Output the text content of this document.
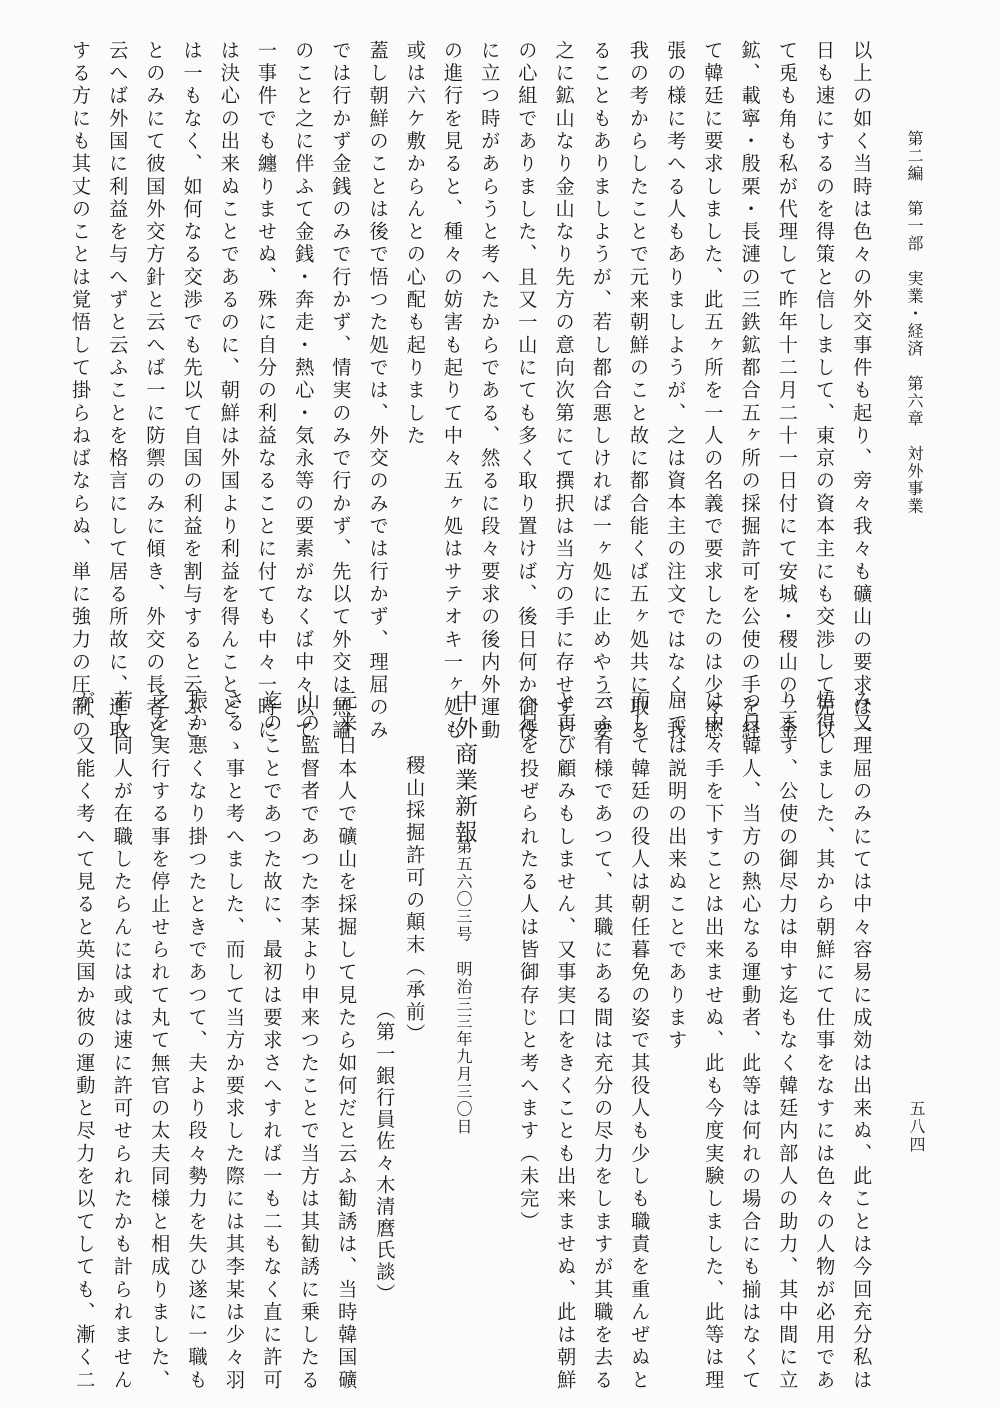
第二編　第一部　実業・経済　第六章　対外事業
五八四
以上の如く当時は色々の外交事件も起り、旁々我々も礦山の要求は一
日も速にするのを得策と信しまして、東京の資本主にも交渉して先以
て兎も角も私が代理して昨年十二月二十一日付にて安城・稷山の二金
鉱、載寧・殷栗・長漣の三鉄鉱都合五ヶ所の採掘許可を公使の手を経
て韓廷に要求しました、此五ヶ所を一人の名義で要求したのは少々慾
張の様に考へる人もありましようが、之は資本主の注文ではなく、我
我の考からしたことで元来朝鮮のこと故に都合能くば五ヶ処共に取る
ることもありましようが、若し都合悪しければ一ヶ処に止めやう、要
之に鉱山なり金山なり先方の意向次第にて撰択は当方の手に存せずと
の心組でありました、且又一山にても多く取り置けば、後日何か御役
に立つ時があらうと考へたからである、然るに段々要求の後内外運動
の進行を見ると、種々の妨害も起りて中々五ヶ処はサテオキ一ヶ処も
或は六ケ敷からんとの心配も起りました
蓋し朝鮮のことは後で悟つた処では、外交のみでは行かず、理屈のみ
では行かず金銭のみで行かず、情実のみで行かず、先以て外交は無論
のこと之に伴ふて金銭・奔走・熱心・気永等の要素がなくば中々以て
一事件でも纏りませぬ、殊に自分の利益なることに付ても中々一時に
は決心の出来ぬことであるのに、朝鮮は外国より利益を得んことと
は一もなく、如何なる交渉でも先以て自国の利益を割与すると云ふこ
とのみにて彼国外交方針と云へば一に防禦のみに傾き、外交の長者と
云へば外国に利益を与へずと云ふことを格言にして居る所故に、進取
する方にも其丈のことは覚悟して掛らねばならぬ、単に強力の圧制の
み又理屈のみにては中々容易に成効は出来ぬ、此ことは今回充分私は
悟得しました、其から朝鮮にて仕事をなすには色々の人物が必用であ
ります、公使の御尽力は申す迄もなく韓廷内部人の助力、其中間に立
つ日韓人、当方の熱心なる運動者、此等は何れの場合にも揃はなくて
は中々手を下すことは出来ませぬ、此も今度実験しました、此等は理
屈では説明の出来ぬことであります
而して韓廷の役人は朝任暮免の姿で其役人も少しも職責を重んぜぬと
云ふ有様であつて、其職にある間は充分の尽力をしますが其職を去る
と再び顧みもしません、又事実口をきくことも出来ませぬ、此は朝鮮
へ足を投ぜられたる人は皆御存じと考へます（未完）
中外商業新報
第五六〇三号　明治三三年九月三〇日
稷山採掘許可の顛末（承前）
（第一銀行員佐々木清麿氏談）
元来日本人で礦山を採掘して見たら如何だと云ふ勧誘は、当時韓国礦
山の監督者であつた李某より申来つたことで当方は其勧誘に乗したる
迄のことであつた故に、最初は要求さへすれば一も二もなく直に許可
さるゝ事と考へました、而して当方か要求した際には其李某は少々羽
振か悪くなり掛つたときであつて、夫より段々勢力を失ひ遂に一職も
之を実行する事を停止せられて丸て無官の太夫同様と相成りました、
若し同人が在職したらんには或は速に許可せられたかも計られません
が、又能く考へて見ると英国か彼の運動と尽力を以てしても、漸く二
